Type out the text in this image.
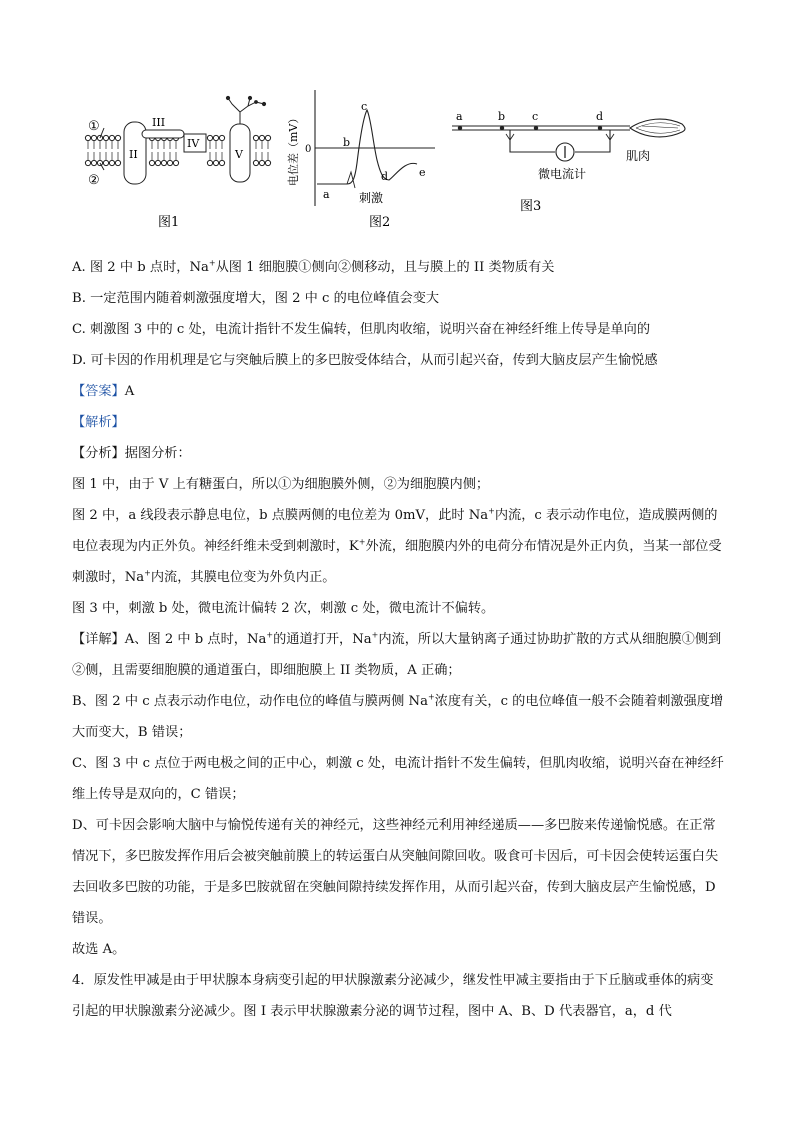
①
②
II
III
IV
V
图1
电位差（mV） 0
a
b
c
d	e
刺激
图2
a	b c	d
微电流计
肌肉
图3

A. 图 2 中 b 点时，Na+从图 1 细胞膜①侧向②侧移动，且与膜上的 II 类物质有关

B. 一定范围内随着刺激强度增大，图 2 中 c 的电位峰值会变大

C. 刺激图 3 中的 c 处，电流计指针不发生偏转，但肌肉收缩，说明兴奋在神经纤维上传导是单向的

D. 可卡因的作用机理是它与突触后膜上的多巴胺受体结合，从而引起兴奋，传到大脑皮层产生愉悦感

【答案】A

【解析】

【分析】据图分析：

图 1 中，由于 V 上有糖蛋白，所以①为细胞膜外侧，②为细胞膜内侧；

图 2 中，a 线段表示静息电位，b 点膜两侧的电位差为 0mV，此时 Na+内流，c 表示动作电位，造成膜两侧的电位表现为内正外负。神经纤维未受到刺激时，K+外流，细胞膜内外的电荷分布情况是外正内负，当某一部位受刺激时，Na+内流，其膜电位变为外负内正。

图 3 中，刺激 b 处，微电流计偏转 2 次，刺激 c 处，微电流计不偏转。

【详解】A、图 2 中 b 点时，Na+的通道打开，Na+内流，所以大量钠离子通过协助扩散的方式从细胞膜①侧到②侧，且需要细胞膜的通道蛋白，即细胞膜上 II 类物质，A 正确；

B、图 2 中 c 点表示动作电位，动作电位的峰值与膜两侧 Na+浓度有关，c 的电位峰值一般不会随着刺激强度增大而变大，B 错误；

C、图 3 中 c 点位于两电极之间的正中心，刺激 c 处，电流计指针不发生偏转，但肌肉收缩，说明兴奋在神经纤维上传导是双向的，C 错误；

D、可卡因会影响大脑中与愉悦传递有关的神经元，这些神经元利用神经递质——多巴胺来传递愉悦感。在正常情况下，多巴胺发挥作用后会被突触前膜上的转运蛋白从突触间隙回收。吸食可卡因后，可卡因会使转运蛋白失去回收多巴胺的功能，于是多巴胺就留在突触间隙持续发挥作用，从而引起兴奋，传到大脑皮层产生愉悦感，D 错误。

故选 A。

4．原发性甲减是由于甲状腺本身病变引起的甲状腺激素分泌减少，继发性甲减主要指由于下丘脑或垂体的病变引起的甲状腺激素分泌减少。图 I 表示甲状腺激素分泌的调节过程，图中 A、B、D 代表器官，a，d 代
